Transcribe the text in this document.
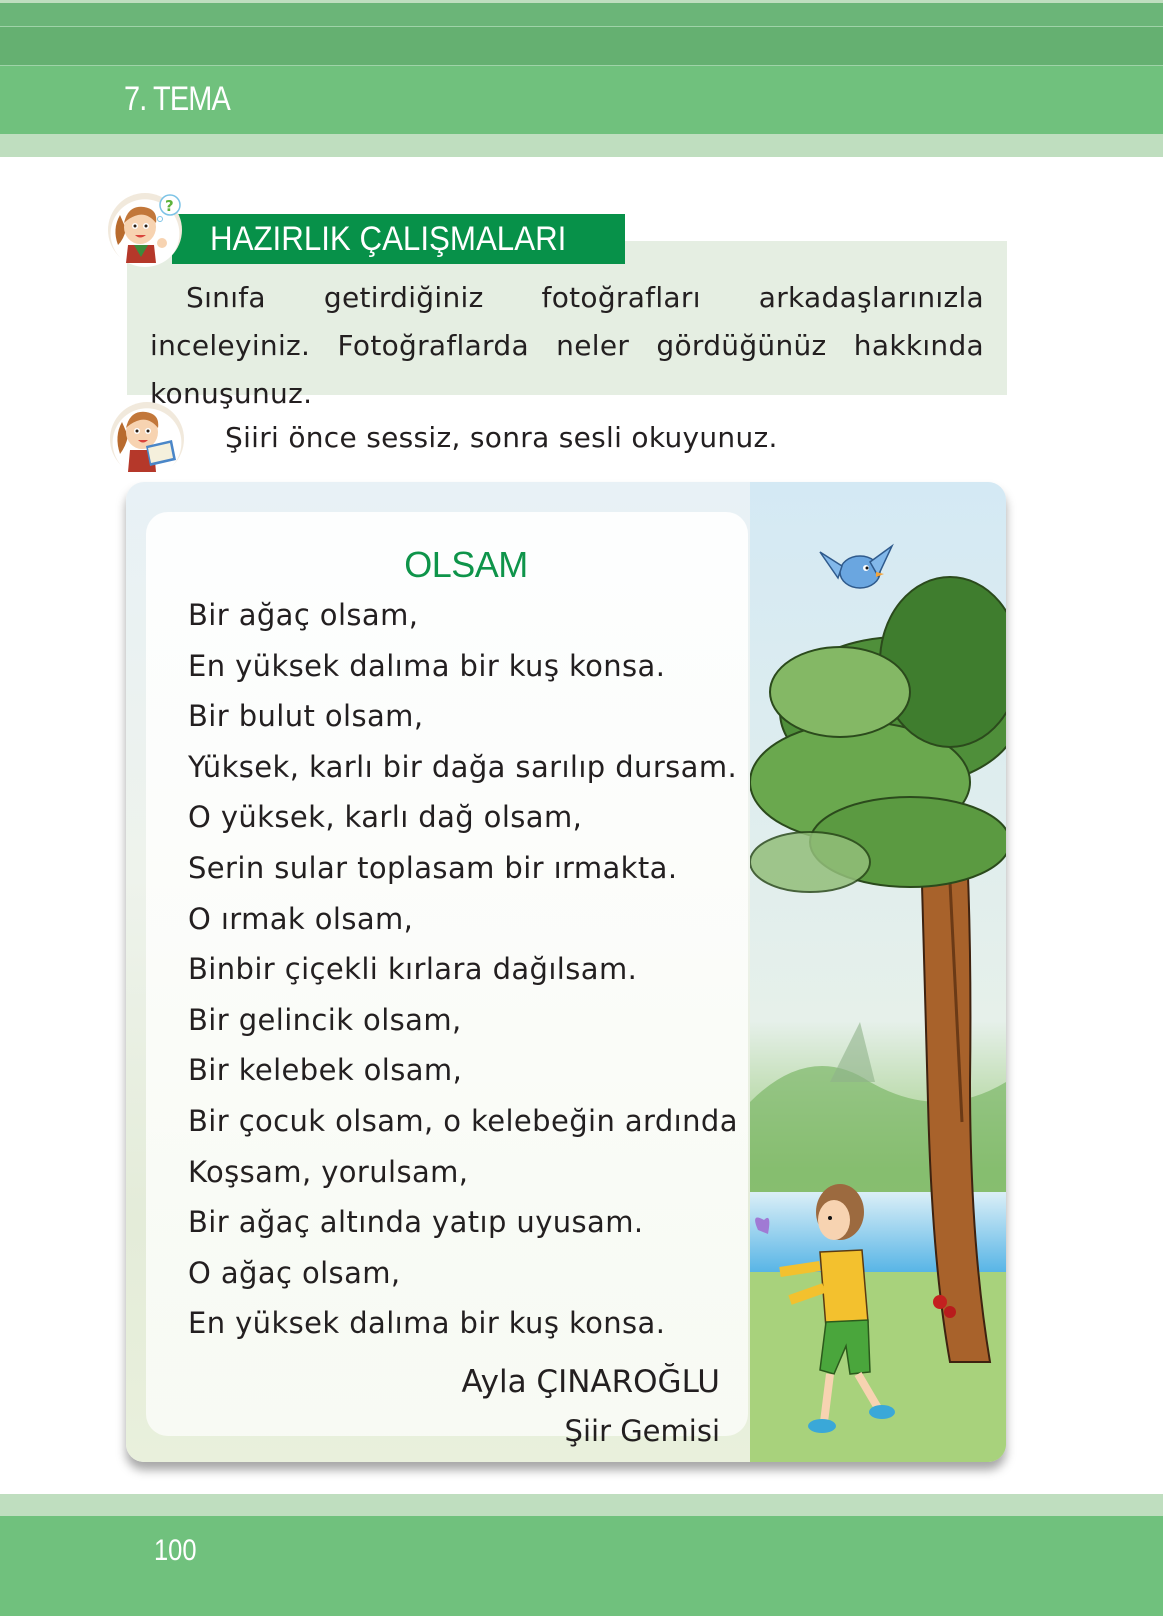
7. TEMA
HAZIRLIK ÇALIŞMALARI
?

Sınıfa getirdiğiniz fotoğrafları arkadaşlarınızla inceleyiniz. Fotoğraflarda neler gördüğünüz hakkında konuşunuz.

Şiiri önce sessiz, sonra sesli okuyunuz.
OLSAM
Bir ağaç olsam,
En yüksek dalıma bir kuş konsa.
Bir bulut olsam,
Yüksek, karlı bir dağa sarılıp dursam.
O yüksek, karlı dağ olsam,
Serin sular toplasam bir ırmakta.
O ırmak olsam,
Binbir çiçekli kırlara dağılsam.
Bir gelincik olsam,
Bir kelebek olsam,
Bir çocuk olsam, o kelebeğin ardında
Koşsam, yorulsam,
Bir ağaç altında yatıp uyusam.
O ağaç olsam,
En yüksek dalıma bir kuş konsa.
Ayla ÇINAROĞLU
Şiir Gemisi
100
